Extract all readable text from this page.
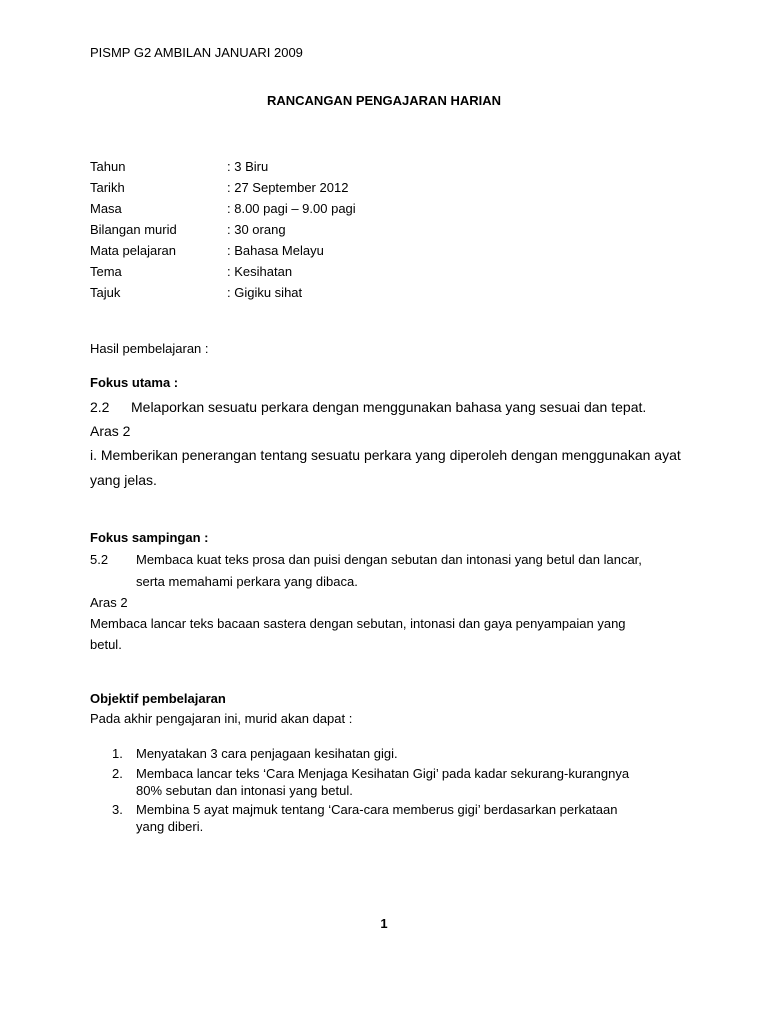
PISMP G2 AMBILAN JANUARI 2009
RANCANGAN PENGAJARAN HARIAN
Tahun	: 3 Biru
Tarikh	: 27 September 2012
Masa	: 8.00 pagi – 9.00 pagi
Bilangan murid	: 30 orang
Mata pelajaran	: Bahasa Melayu
Tema	: Kesihatan
Tajuk	: Gigiku sihat
Hasil pembelajaran :
Fokus utama :
2.2 Melaporkan sesuatu perkara dengan menggunakan bahasa yang sesuai dan tepat.
Aras 2
i. Memberikan penerangan tentang sesuatu perkara yang diperoleh dengan menggunakan ayat
yang jelas.
Fokus sampingan :
5.2 Membaca kuat teks prosa dan puisi dengan sebutan dan intonasi yang betul dan lancar,
serta memahami perkara yang dibaca.
Aras 2
Membaca lancar teks bacaan sastera dengan sebutan, intonasi dan gaya penyampaian yang
betul.
Objektif pembelajaran
Pada akhir pengajaran ini, murid akan dapat :
1. Menyatakan 3 cara penjagaan kesihatan gigi.
2. Membaca lancar teks ‘Cara Menjaga Kesihatan Gigi’ pada kadar sekurang-kurangnya
80% sebutan dan intonasi yang betul.
3. Membina 5 ayat majmuk tentang ‘Cara-cara memberus gigi’ berdasarkan perkataan
yang diberi.
1
